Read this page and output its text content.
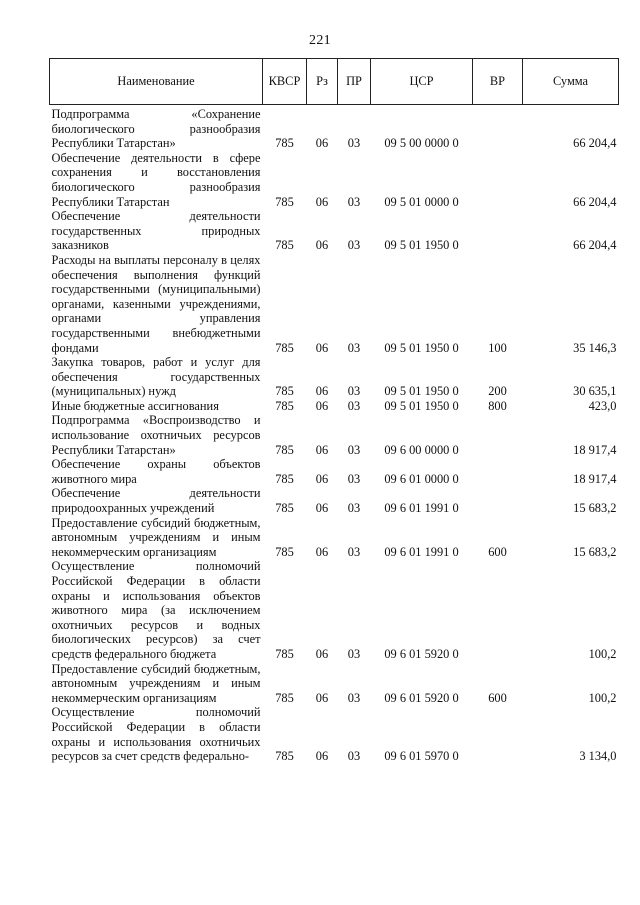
221
Наименование	КВСР	Рз	ПР	ЦСР	ВР	Сумма

Подпрограмма «Сохранение биологического разнообразия Республики Татарстан»	785	06	03	09 5 00 0000 0		66 204,4
Обеспечение деятельности в сфере сохранения и восстановления биологического разнообразия Республики Татарстан	785	06	03	09 5 01 0000 0		66 204,4
Обеспечение деятельности государственных природных заказников	785	06	03	09 5 01 1950 0		66 204,4
Расходы на выплаты персоналу в целях обеспечения выполнения функций государственными (муниципальными) органами, казенными учреждениями, органами управления государственными внебюджетными фондами	785	06	03	09 5 01 1950 0	100	35 146,3
Закупка товаров, работ и услуг для обеспечения государственных (муниципальных) нужд	785	06	03	09 5 01 1950 0	200	30 635,1
Иные бюджетные ассигнования	785	06	03	09 5 01 1950 0	800	423,0
Подпрограмма «Воспроизводство и использование охотничьих ресурсов Республики Татарстан»	785	06	03	09 6 00 0000 0		18 917,4
Обеспечение охраны объектов животного мира	785	06	03	09 6 01 0000 0		18 917,4
Обеспечение деятельности природоохранных учреждений	785	06	03	09 6 01 1991 0		15 683,2
Предоставление субсидий бюджетным, автономным учреждениям и иным некоммерческим организациям	785	06	03	09 6 01 1991 0	600	15 683,2
Осуществление полномочий Российской Федерации в области охраны и использования объектов животного мира (за исключением охотничьих ресурсов и водных биологических ресурсов) за счет средств федерального бюджета	785	06	03	09 6 01 5920 0		100,2
Предоставление субсидий бюджетным, автономным учреждениям и иным некоммерческим организациям	785	06	03	09 6 01 5920 0	600	100,2
Осуществление полномочий Российской Федерации в области охраны и использования охотничьих ресурсов за счет средств федерально-	785	06	03	09 6 01 5970 0		3 134,0
